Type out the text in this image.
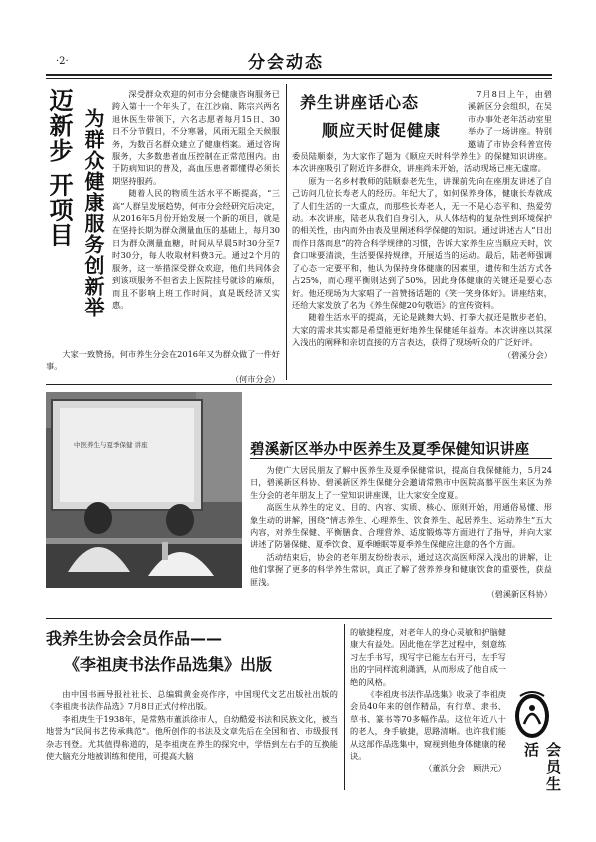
·2·	分会动态
迈新步 开项目 为群众健康服务创新举

深受群众欢迎的何市分会健康咨询服务已跨入第十一个年头了，在江沙扁、陈宗兴两名退休医生带领下，六名志愿者每月15日、30日不分节假日，不分寒暑，风雨无阻全天候服务，为数百名群众建立了健康档案。通过咨询服务，大多数患者血压控制在正常范围内。由于防病知识的普及，高血压患者都懂得必须长期坚持服药。

随着人民的物质生活水平不断提高，“三高”人群呈发展趋势，何市分会经研究后决定，从2016年5月份开始发展一个新的项目，就是在坚持长期为群众测量血压的基础上，每月30日为群众测量血糖，时间从早晨5时30分至7时30分，每人收取材料费3元。通过2个月的服务，这一举措深受群众欢迎，他们共同体会到该项服务不但省去上医院挂号就诊的麻烦，而且不影响上班工作时间，真是既经济又实惠。

大家一致赞扬，何市养生分会在2016年又为群众做了一件好事。

（何市分会）
养生讲座话心态
顺应天时促健康

7月8日上午，由碧溪新区分会组织，在吴市办事处老年活动室里举办了一场讲座。特别邀请了市协会科普宣传委员陆顺泰，为大家作了题为《顺应天时科学养生》的保健知识讲座。本次讲座吸引了附近许多群众，讲座尚未开始，活动现场已座无虚席。

原为一名乡村教师的陆顺泰老先生，讲课前先向在座朋友讲述了自己访问几位长寿老人的经历。年纪大了，如何保养身体，健康长寿就成了人们生活的一大重点，而那些长寿老人，无一不是心态平和、热爱劳动。本次讲座，陆老从我们自身引入，从人体结构的复杂性到环境保护的相关性，由内而外由表及里阐述科学保健的知识。通过讲述古人“日出而作日落而息”的符合科学规律的习惯，告诉大家养生应当顺应天时，饮食口味要清淡，生活要保持规律，开展适当的运动。最后，陆老师强调了心态一定要平和，他认为保持身体健康的因素里，遗传和生活方式各占25%，而心理平衡则达到了50%，因此身体健康的关键还是要心态好。他还现场为大家唱了一首赞扬话题的《笑一笑身体好》。讲座结束，还给大家发放了名为《养生保健20句敬语》的宣传资料。

随着生活水平的提高，无论是跳舞大妈、打拳大叔还是散步老伯，大家的需求其实都是希望能更好地养生保健延年益寿。本次讲座以其深入浅出的阐释和亲切直接的方言表达，获得了现场听众的广泛好评。

（碧溪分会）
中医养生与夏季保健 讲座	碧溪新区举办中医养生及夏季保健知识讲座

为使广大居民朋友了解中医养生及夏季保健常识，提高自我保健能力，5月24日，碧溪新区科协、碧溪新区养生保健分会邀请常熟市中医院高慕平医生来区为养生分会的老年朋友上了一堂知识讲座课，让大家安全度夏。

高医生从养生的定义、目的、内容、实质、核心、原则开始，用通俗易懂、形象生动的讲解，围绕“情志养生、心理养生、饮食养生、起居养生、运动养生”五大内容，对养生保健、平衡膳食、合理营养、适度锻炼等方面进行了指导，并向大家讲述了防暑保健、夏季饮食、夏季睡眠等夏季养生保健应注意的各个方面。

活动结束后，协会的老年朋友纷纷表示，通过这次高医师深入浅出的讲解，让他们掌握了更多的科学养生常识，真正了解了营养养身和健康饮食的重要性，获益匪浅。

（碧溪新区科协）
我养生协会会员作品——
《李祖庚书法作品选集》出版

由中国书画导报社社长、总编辑黄金亮作序，中国现代文艺出版社出版的《李祖庚书法作品选》7月8日正式付梓出版。

李祖庚生于1938年，是常熟市董浜徐市人，自幼酷爱书法和民族文化，被当地誉为“民间书艺传承典范”。他所创作的书法及文章先后在全国和省、市级报刊杂志刊登。尤其值得称道的，是李祖庚在养生的探究中，学悟到左右手的互换能使大脑充分地被训练和使用，可提高大脑

的敏捷程度，对老年人的身心灵敏和护脑健康大有益处。因此他在学艺过程中，刻意练习左手书写，现写字已能左右开弓，左手写出的字同样流利潇洒，从而形成了他自成一绝的风格。

《李祖庚书法作品选集》收录了李祖庚会员40年来的创作精品，有行草、隶书、草书、篆书等70多幅作品。这位年近八十的老人，身手敏捷，思路清晰。也许我们能从这部作品选集中，窥视到他身体健康的秘诀。

（董浜分会　顾洪元）	会员生活
